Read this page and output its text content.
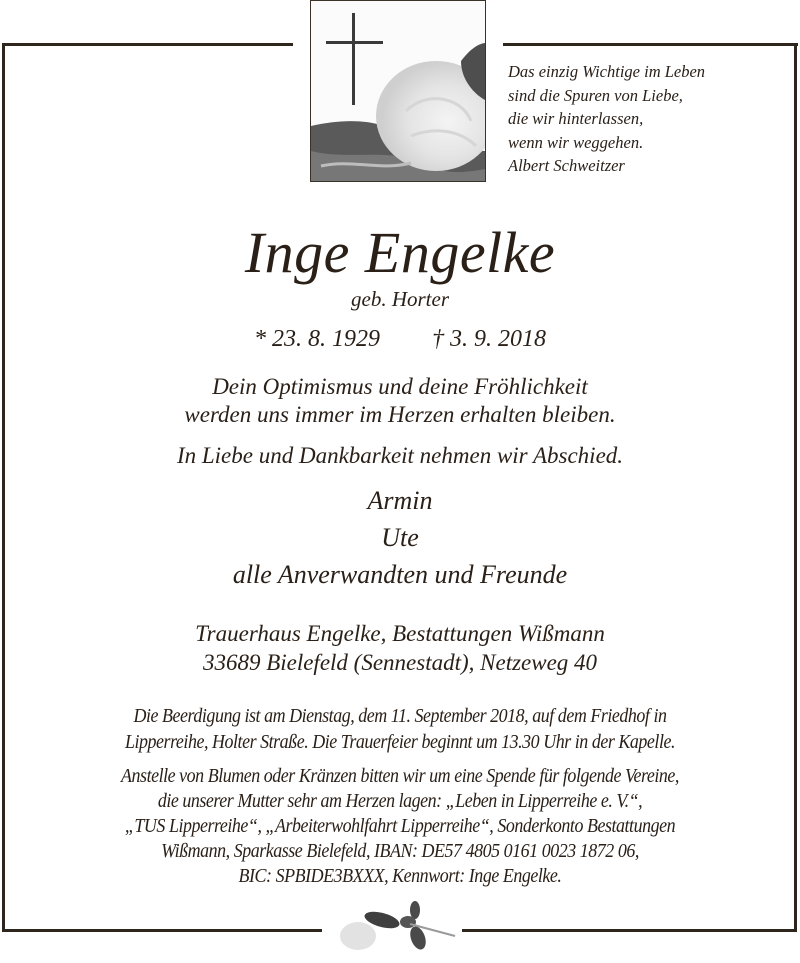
Das einzig Wichtige im Leben
sind die Spuren von Liebe,
die wir hinterlassen,
wenn wir weggehen.
Albert Schweitzer
Inge Engelke
geb. Horter
* 23. 8. 1929 † 3. 9. 2018
Dein Optimismus und deine Fröhlichkeit
werden uns immer im Herzen erhalten bleiben.
In Liebe und Dankbarkeit nehmen wir Abschied.
Armin
Ute
alle Anverwandten und Freunde
Trauerhaus Engelke, Bestattungen Wißmann
33689 Bielefeld (Sennestadt), Netzeweg 40
Die Beerdigung ist am Dienstag, dem 11. September 2018, auf dem Friedhof in
Lipperreihe, Holter Straße. Die Trauerfeier beginnt um 13.30 Uhr in der Kapelle.
Anstelle von Blumen oder Kränzen bitten wir um eine Spende für folgende Vereine,
die unserer Mutter sehr am Herzen lagen: „Leben in Lipperreihe e. V.“,
„TUS Lipperreihe“, „Arbeiterwohlfahrt Lipperreihe“, Sonderkonto Bestattungen
Wißmann, Sparkasse Bielefeld, IBAN: DE57 4805 0161 0023 1872 06,
BIC: SPBIDE3BXXX, Kennwort: Inge Engelke.
